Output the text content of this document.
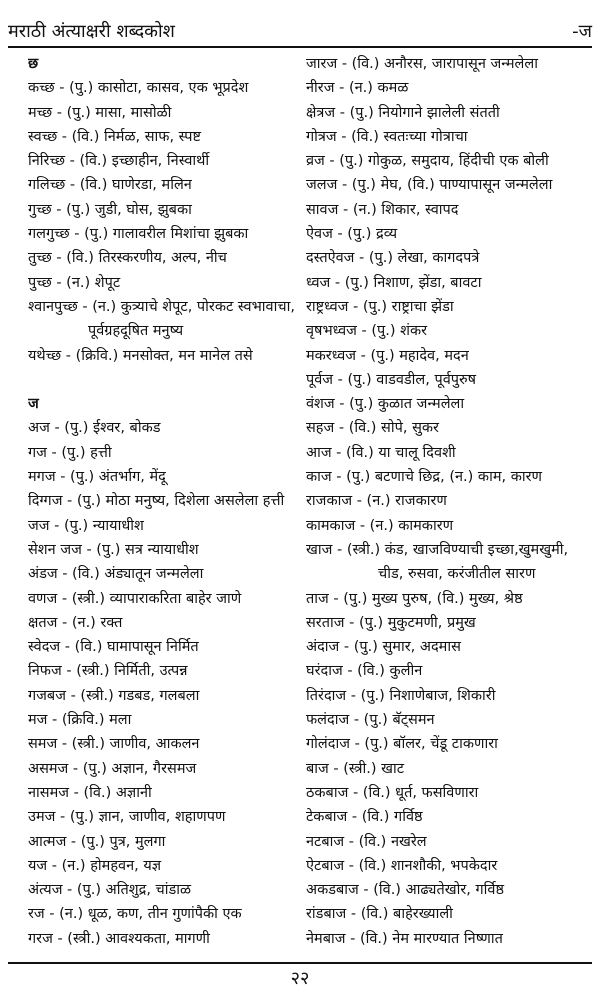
मराठी अंत्याक्षरी शब्दकोश	-ज
छ
कच्छ - (पु.) कासोटा, कासव, एक भूप्रदेश
मच्छ - (पु.) मासा, मासोळी
स्वच्छ - (वि.) निर्मळ, साफ, स्पष्ट
निरिच्छ - (वि.) इच्छाहीन, निस्वार्थी
गलिच्छ - (वि.) घाणेरडा, मलिन
गुच्छ - (पु.) जुडी, घोस, झुबका
गलगुच्छ - (पु.) गालावरील मिशांचा झुबका
तुच्छ - (वि.) तिरस्करणीय, अल्प, नीच
पुच्छ - (न.) शेपूट
श्वानपुच्छ - (न.) कुत्र्याचे शेपूट, पोरकट स्वभावाचा,
पूर्वग्रहदूषित मनुष्य
यथेच्छ - (क्रिवि.) मनसोक्त, मन मानेल तसे
ज
अज - (पु.) ईश्वर, बोकड
गज - (पु.) हत्ती
मगज - (पु.) अंतर्भाग, मेंदू
दिग्गज - (पु.) मोठा मनुष्य, दिशेला असलेला हत्ती
जज - (पु.) न्यायाधीश
सेशन जज - (पु.) सत्र न्यायाधीश
अंडज - (वि.) अंड्यातून जन्मलेला
वणज - (स्त्री.) व्यापाराकरिता बाहेर जाणे
क्षतज - (न.) रक्त
स्वेदज - (वि.) घामापासून निर्मित
निफज - (स्त्री.) निर्मिती, उत्पन्न
गजबज - (स्त्री.) गडबड, गलबला
मज - (क्रिवि.) मला
समज - (स्त्री.) जाणीव, आकलन
असमज - (पु.) अज्ञान, गैरसमज
नासमज - (वि.) अज्ञानी
उमज - (पु.) ज्ञान, जाणीव, शहाणपण
आत्मज - (पु.) पुत्र, मुलगा
यज - (न.) होमहवन, यज्ञ
अंत्यज - (पु.) अतिशुद्र, चांडाळ
रज - (न.) धूळ, कण, तीन गुणांपैकी एक
गरज - (स्त्री.) आवश्यकता, मागणी
जारज - (वि.) अनौरस, जारापासून जन्मलेला
नीरज - (न.) कमळ
क्षेत्रज - (पु.) नियोगाने झालेली संतती
गोत्रज - (वि.) स्वतःच्या गोत्राचा
व्रज - (पु.) गोकुळ, समुदाय, हिंदीची एक बोली
जलज - (पु.) मेघ, (वि.) पाण्यापासून जन्मलेला
सावज - (न.) शिकार, स्वापद
ऐवज - (पु.) द्रव्य
दस्तऐवज - (पु.) लेखा, कागदपत्रे
ध्वज - (पु.) निशाण, झेंडा, बावटा
राष्ट्रध्वज - (पु.) राष्ट्राचा झेंडा
वृषभध्वज - (पु.) शंकर
मकरध्वज - (पु.) महादेव, मदन
पूर्वज - (पु.) वाडवडील, पूर्वपुरुष
वंशज - (पु.) कुळात जन्मलेला
सहज - (वि.) सोपे, सुकर
आज - (वि.) या चालू दिवशी
काज - (पु.) बटणाचे छिद्र, (न.) काम, कारण
राजकाज - (न.) राजकारण
कामकाज - (न.) कामकारण
खाज - (स्त्री.) कंड, खाजविण्याची इच्छा,खुमखुमी,
चीड, रुसवा, करंजीतील सारण
ताज - (पु.) मुख्य पुरुष, (वि.) मुख्य, श्रेष्ठ
सरताज - (पु.) मुकुटमणी, प्रमुख
अंदाज - (पु.) सुमार, अदमास
घरंदाज - (वि.) कुलीन
तिरंदाज - (पु.) निशाणेबाज, शिकारी
फलंदाज - (पु.) बॅट्समन
गोलंदाज - (पु.) बॉलर, चेंडू टाकणारा
बाज - (स्त्री.) खाट
ठकबाज - (वि.) धूर्त, फसविणारा
टेकबाज - (वि.) गर्विष्ठ
नटबाज - (वि.) नखरेल
ऐटबाज - (वि.) शानशौकी, भपकेदार
अकडबाज - (वि.) आढ्यतेखोर, गर्विष्ठ
रांडबाज - (वि.) बाहेरख्याली
नेमबाज - (वि.) नेम मारण्यात निष्णात
२२
